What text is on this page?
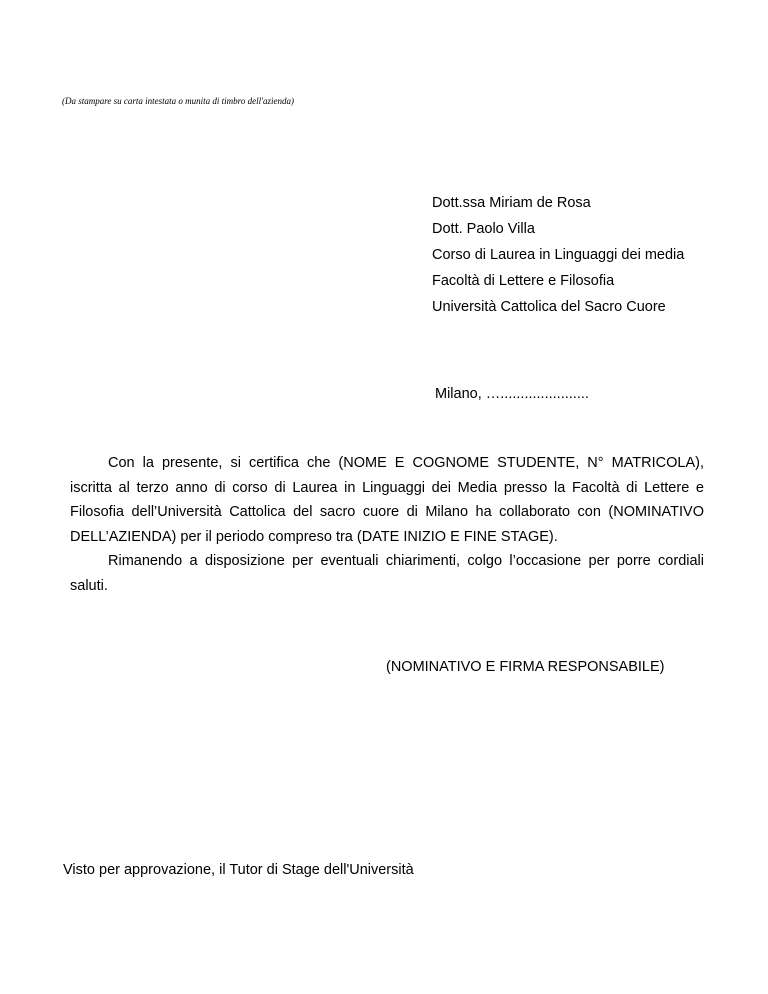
(Da stampare su carta intestata o munita di timbro dell'azienda)
Dott.ssa Miriam de Rosa
Dott. Paolo Villa
Corso di Laurea in Linguaggi dei media
Facoltà di Lettere e Filosofia
Università Cattolica del Sacro Cuore
Milano, …......................

Con la presente, si certifica che (NOME E COGNOME STUDENTE, N° MATRICOLA), iscritta al terzo anno di corso di Laurea in Linguaggi dei Media presso la Facoltà di Lettere e Filosofia dell’Università Cattolica del sacro cuore di Milano ha collaborato con (NOMINATIVO DELL’AZIENDA) per il periodo compreso tra (DATE INIZIO E FINE STAGE).

Rimanendo a disposizione per eventuali chiarimenti, colgo l’occasione per porre cordiali saluti.

(NOMINATIVO E FIRMA RESPONSABILE)
Visto per approvazione, il Tutor di Stage dell'Università
